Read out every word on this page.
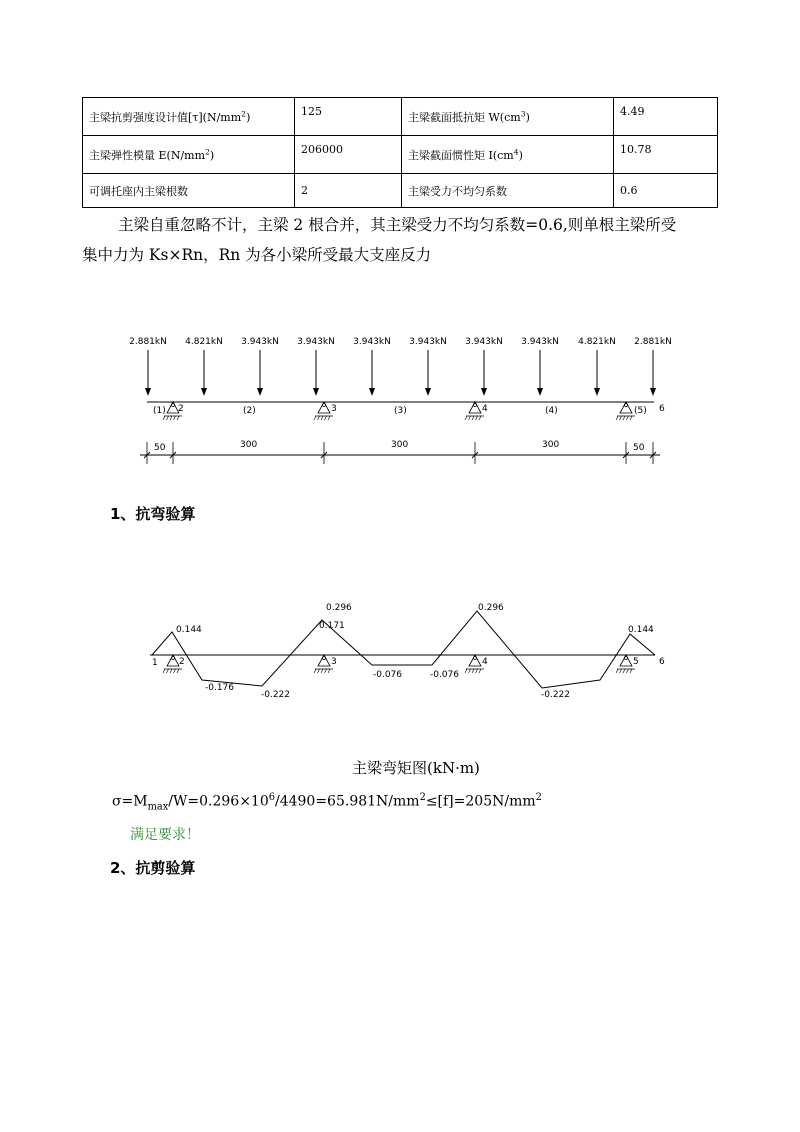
主梁抗剪强度设计值$[\tau](N/mm^2)$	125	主梁截面抵抗矩 $W(cm^3)$	4.49
主梁弹性模量 $E(N/mm^2)$	206000	主梁截面惯性矩 $I(cm^4)$	10.78
可调托座内主梁根数	2	主梁受力不均匀系数	0.6
主梁自重忽略不计，主梁 2 根合并，其主梁受力不均匀系数=0.6,则单根主梁所受
集中力为 Ks×Rn，Rn 为各小梁所受最大支座反力
2.881kN 4.821kN 3.943kN 3.943kN 3.943kN 3.943kN 3.943kN 3.943kN 4.821kN 2.881kN
(1)	(2)	(3)	(4)	(5)
2	3	4	6
50	300	300	300	50
0.144
-0.176
-0.222
0.296
0.171
-0.076	-0.076
0.296
-0.222
0.144
1 2	3	4	5 6
1、抗弯验算
主梁弯矩图(kN·m)
$\sigma=M_{max}/W=0.296\times 10^6/4490=65.981N/mm^2\le[f]=205N/mm^2$
满足要求！
2、抗剪验算
